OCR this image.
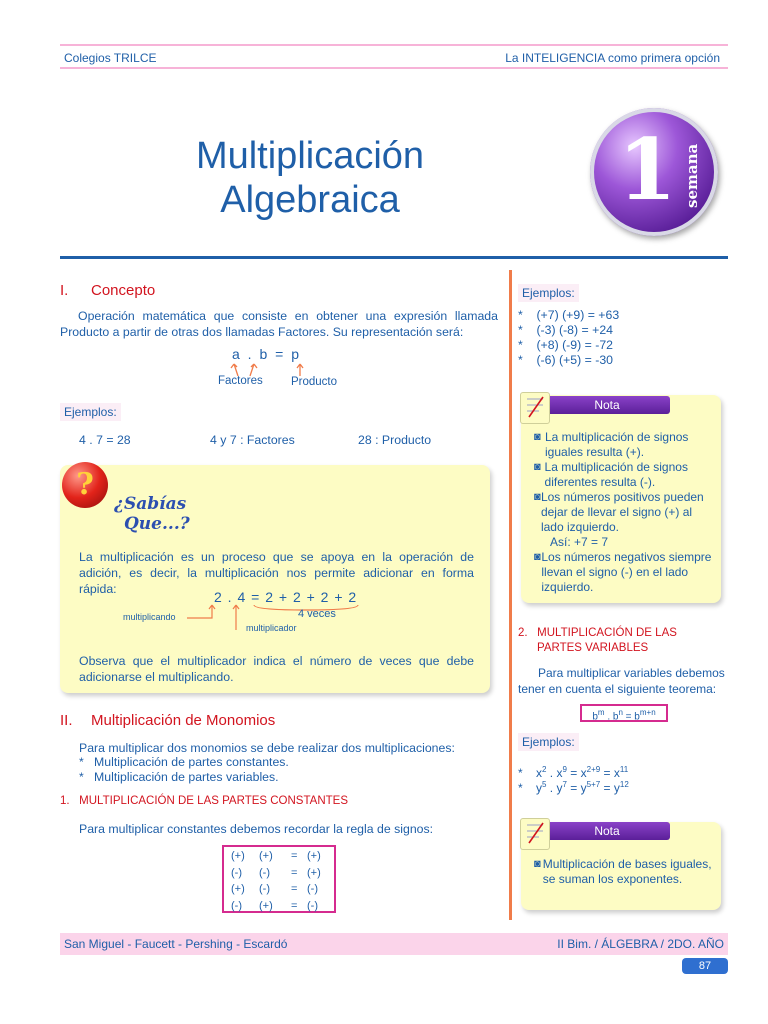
Colegios TRILCE	La INTELIGENCIA como primera opción
Multiplicación
Algebraica	1 semana
I. Concepto
Operación matemática que consiste en obtener una expresión llamada Producto a partir de otras dos llamadas Factores. Su representación será:
a . b = p
Factores Producto
Ejemplos:
4 . 7 = 28	4 y 7 : Factores	28 : Producto
?
¿Sabías
Que...?
La multiplicación es un proceso que se apoya en la operación de adición, es decir, la multiplicación nos permite adicionar en forma rápida:	2 . 4 = 2 + 2 + 2 + 2
4 veces
multiplicando
multiplicador
Observa que el multiplicador indica el número de veces que debe adicionarse el multiplicando.
II. Multiplicación de Monomios
Para multiplicar dos monomios se debe realizar dos multiplicaciones:
*   Multiplicación de partes constantes.
*   Multiplicación de partes variables.
1.   MULTIPLICACIÓN DE LAS PARTES CONSTANTES
Para multiplicar constantes debemos recordar la regla de signos:
(+)	(+)	=	(+)
(-)	(-)	=	(+)
(+)	(-)	=	(-)
(-)	(+)	=	(-)
Ejemplos:
*    (+7) (+9) = +63
*    (-3) (-8) = +24
*    (+8) (-9) = -72
*    (-6) (+5) = -30
Nota
◙ La multiplicación de signos iguales resulta (+).
◙ La multiplicación de signos diferentes resulta (-).
◙ Los números positivos pueden dejar de llevar el signo (+) al lado izquierdo.
Así: +7 = 7
◙ Los números negativos siempre llevan el signo (-) en el lado izquierdo.
2.   MULTIPLICACIÓN DE LAS
PARTES VARIABLES
Para multiplicar variables debemos tener en cuenta el siguiente teorema:
$b^m$ . $b^n = b^{m+n}$
Ejemplos:
*    $x^2$ . $x^9 = x^{2+9} = x^{11}$
*    $y^5$ . $y^7 = y^{5+7} = y^{12}$
Nota
◙ Multiplicación de bases iguales, se suman los exponentes.
San Miguel - Faucett - Pershing - Escardó	II Bim. / ÁLGEBRA / 2DO. AÑO
87
